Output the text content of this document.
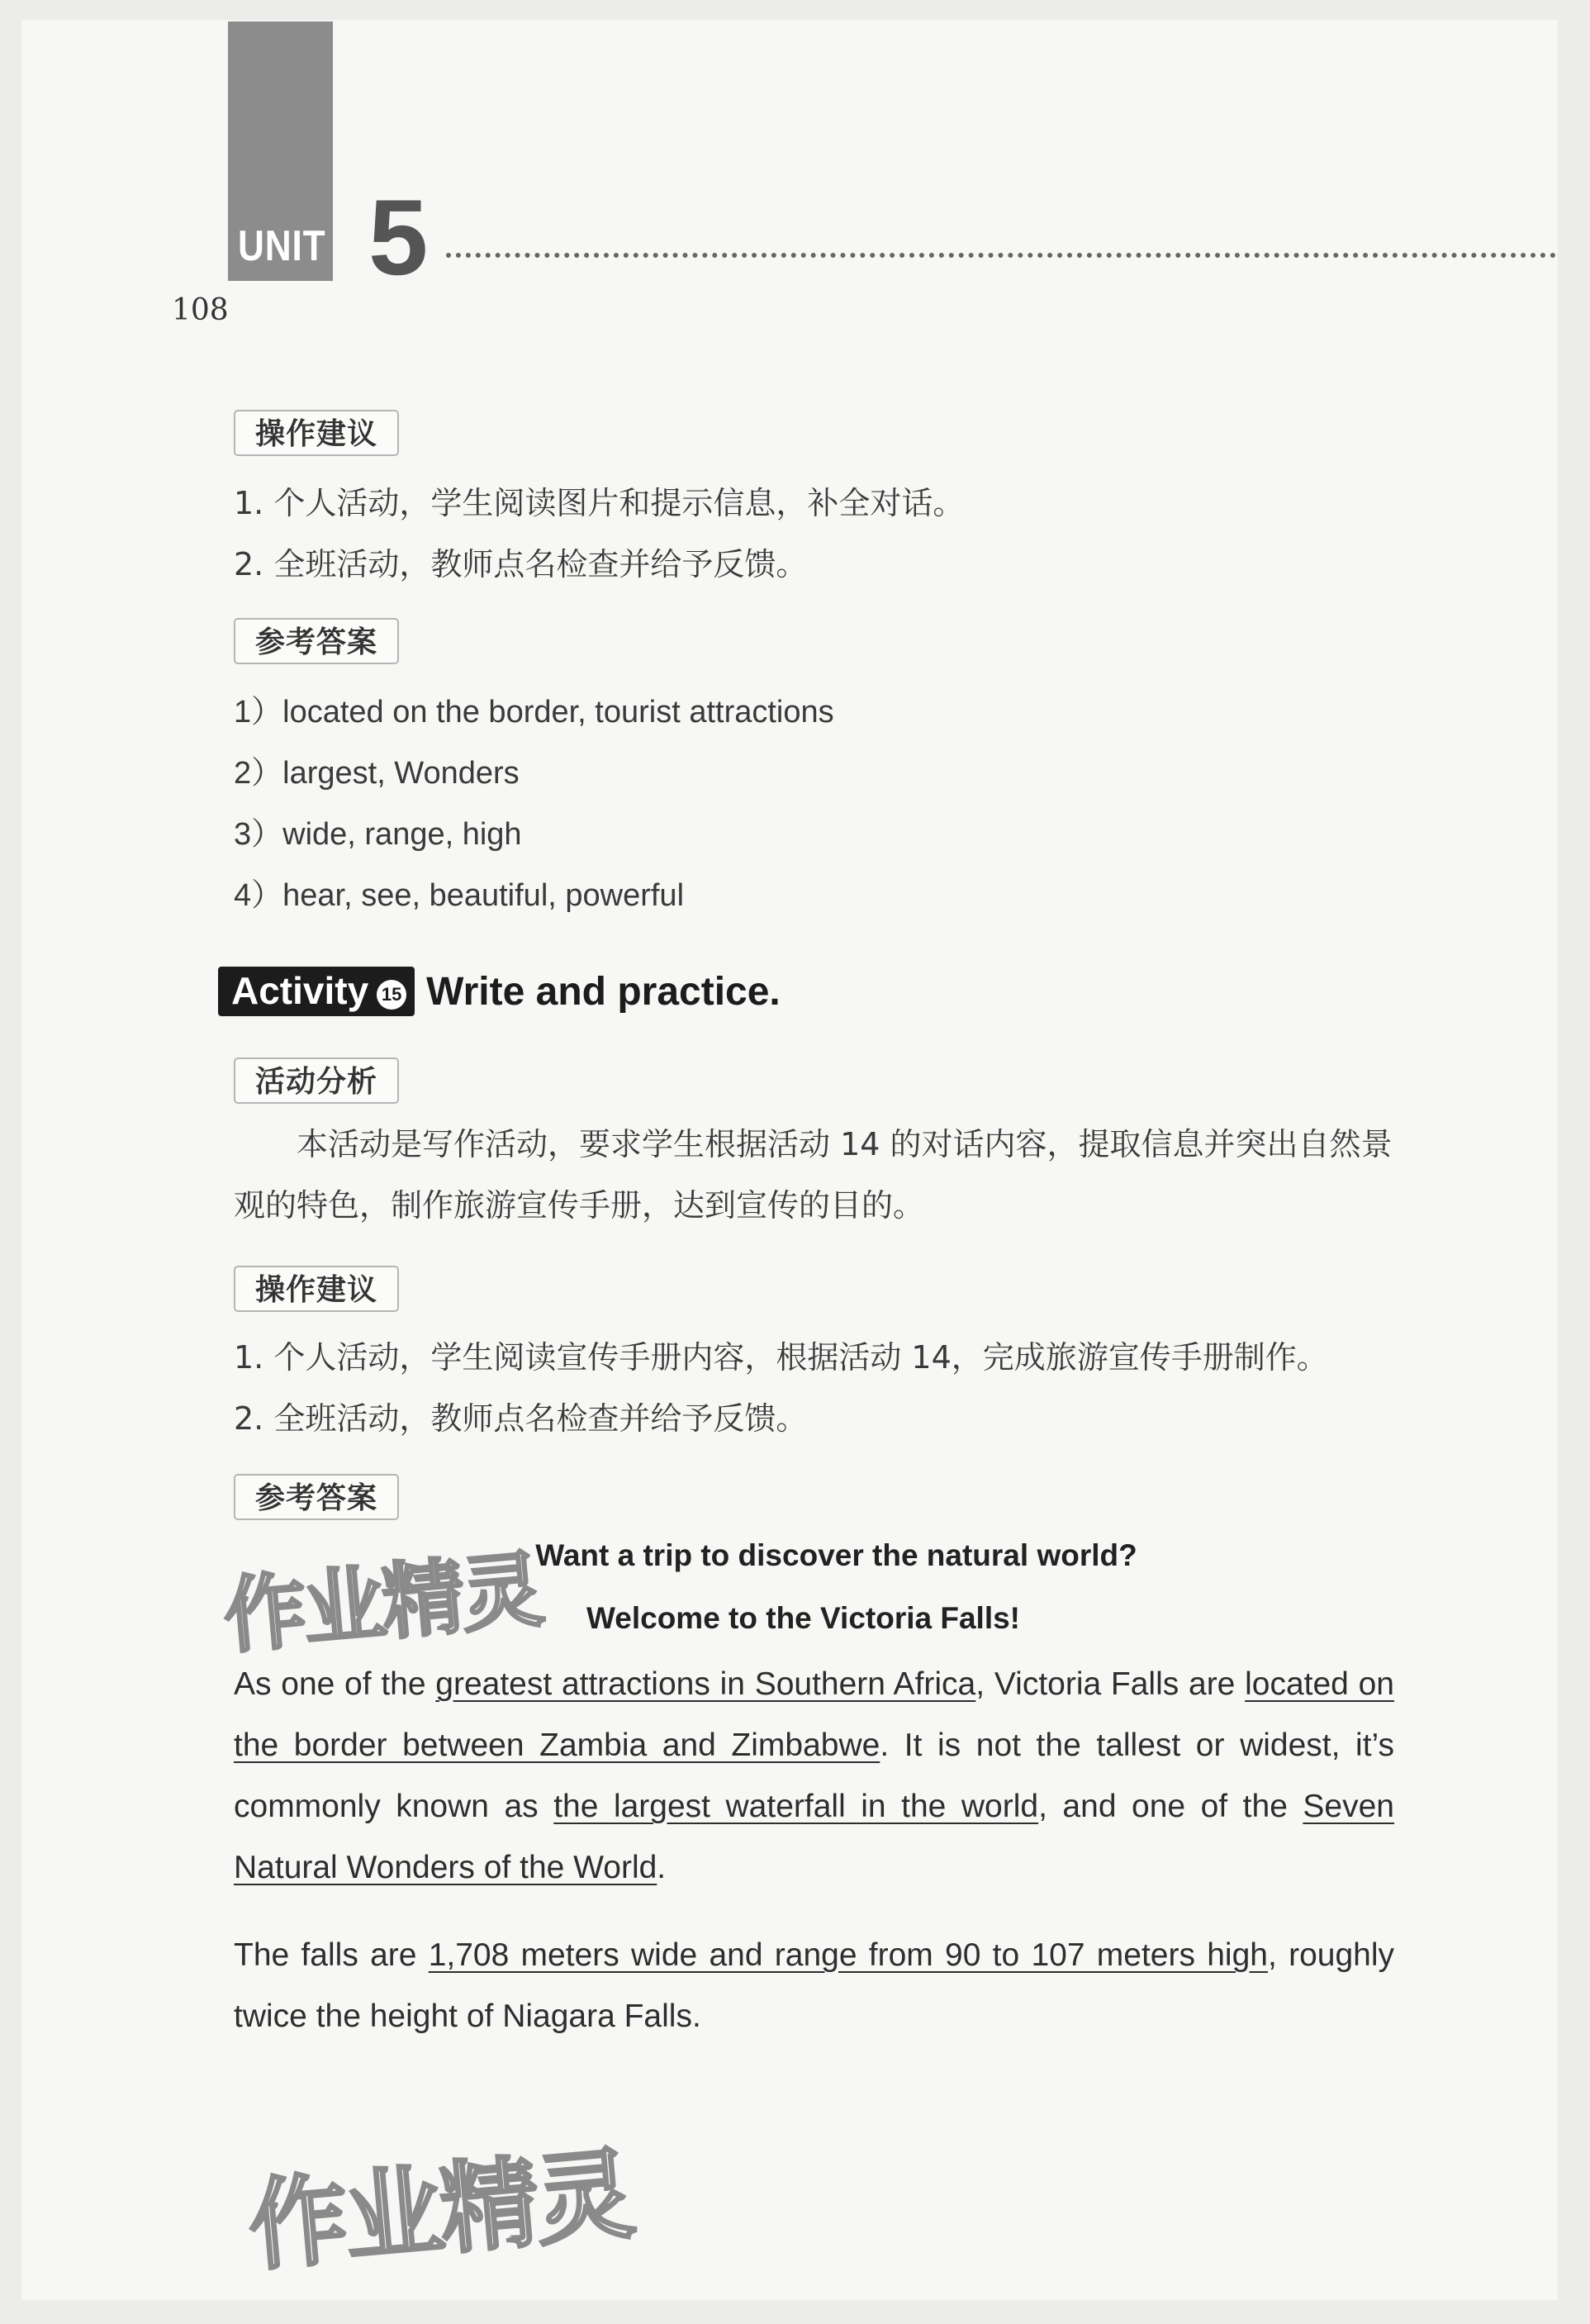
UNIT 5
108
操作建议
1. 个人活动，学生阅读图片和提示信息，补全对话。
2. 全班活动，教师点名检查并给予反馈。
参考答案
1）located on the border, tourist attractions
2）largest, Wonders
3）wide, range, high
4）hear, see, beautiful, powerful
Activity 15 Write and practice.
活动分析
本活动是写作活动，要求学生根据活动 14 的对话内容，提取信息并突出自然景观的特色，制作旅游宣传手册，达到宣传的目的。
操作建议
1. 个人活动，学生阅读宣传手册内容，根据活动 14，完成旅游宣传手册制作。
2. 全班活动，教师点名检查并给予反馈。
参考答案
Want a trip to discover the natural world?
Welcome to the Victoria Falls!
As one of the greatest attractions in Southern Africa, Victoria Falls are located on the border between Zambia and Zimbabwe. It is not the tallest or widest, it’s commonly known as the largest waterfall in the world, and one of the Seven Natural Wonders of the World.
The falls are 1,708 meters wide and range from 90 to 107 meters high, roughly twice the height of Niagara Falls.
作业精灵
作业精灵
